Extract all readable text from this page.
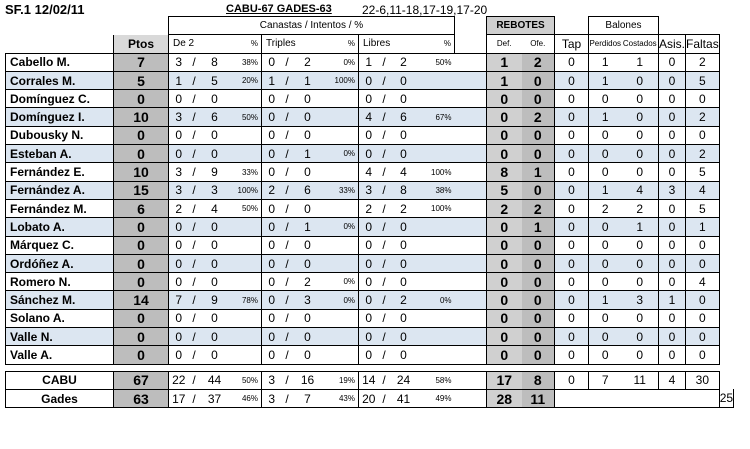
SF.1 12/02/11	CABU-67 GADES-63	22-6,11-18,17-19,17-20
		Canastas / Intentos / %													REBOTES			Balones				
	Ptos	De 2			%	Triples			%	Libres			%		Def.	Ofe.	Tap	Perdidos	Costados	Asis.	Faltas	
Cabello M.	7	3	/	8	38%	0	/	2	0%	1	/	2	50%		1	2	0	1	1	0	2	
Corrales M.	5	1	/	5	20%	1	/	1	100%	0	/	0			1	0	0	1	0	0	5	
Domínguez C.	0	0	/	0		0	/	0		0	/	0			0	0	0	0	0	0	0	
Domínguez I.	10	3	/	6	50%	0	/	0		4	/	6	67%		0	2	0	1	0	0	2	
Dubousky N.	0	0	/	0		0	/	0		0	/	0			0	0	0	0	0	0	0	
Esteban A.	0	0	/	0		0	/	1	0%	0	/	0			0	0	0	0	0	0	2	
Fernández E.	10	3	/	9	33%	0	/	0		4	/	4	100%		8	1	0	0	0	0	5	
Fernández A.	15	3	/	3	100%	2	/	6	33%	3	/	8	38%		5	0	0	1	4	3	4	
Fernández M.	6	2	/	4	50%	0	/	0		2	/	2	100%		2	2	0	2	2	0	5	
Lobato A.	0	0	/	0		0	/	1	0%	0	/	0			0	1	0	0	1	0	1	
Márquez C.	0	0	/	0		0	/	0		0	/	0			0	0	0	0	0	0	0	
Ordóñez A.	0	0	/	0		0	/	0		0	/	0			0	0	0	0	0	0	0	
Romero N.	0	0	/	0		0	/	2	0%	0	/	0			0	0	0	0	0	0	4	
Sánchez M.	14	7	/	9	78%	0	/	3	0%	0	/	2	0%		0	0	0	1	3	1	0	
Solano A.	0	0	/	0		0	/	0		0	/	0			0	0	0	0	0	0	0	
Valle N.	0	0	/	0		0	/	0		0	/	0			0	0	0	0	0	0	0	
Valle A.	0	0	/	0		0	/	0		0	/	0			0	0	0	0	0	0	0	

CABU	67	22	/	44	50%	3	/	16	19%	14	/	24	58%		17	8	0	7	11	4	30	
Gades	63	17	/	37	46%	3	/	7	43%	20	/	41	49%		28	11						25
